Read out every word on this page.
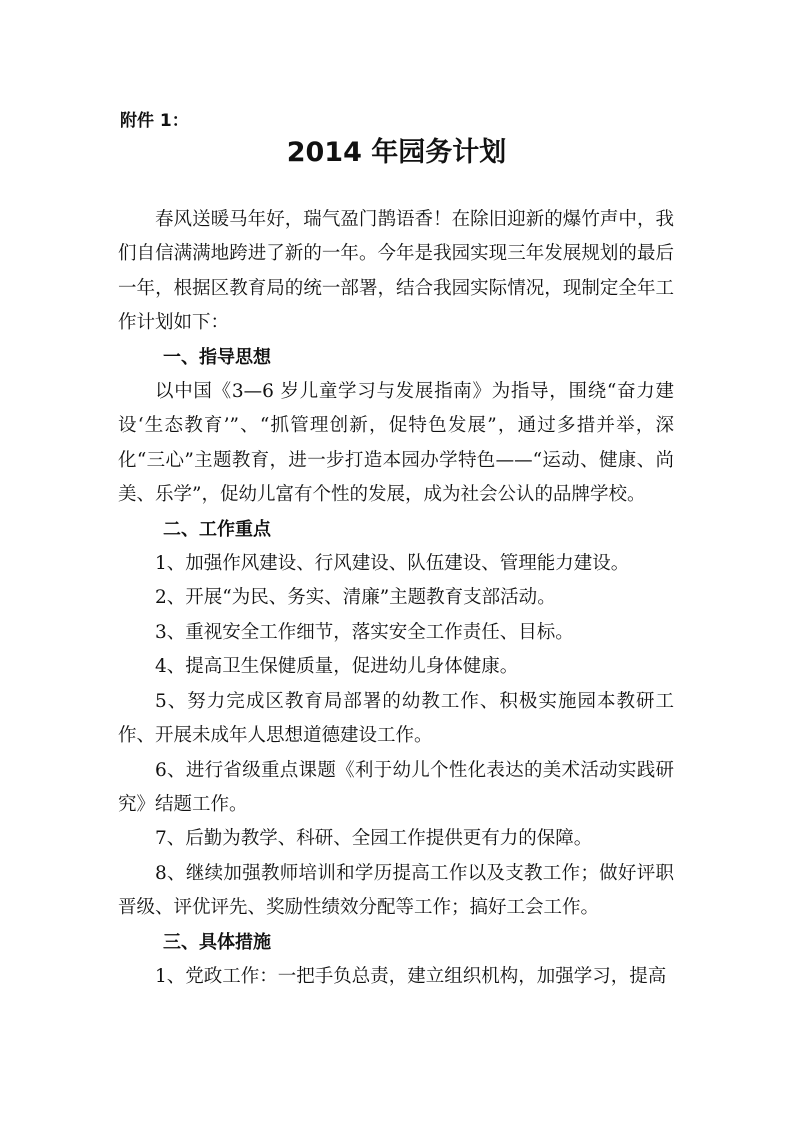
附件 1：
2014 年园务计划

春风送暖马年好，瑞气盈门鹊语香！在除旧迎新的爆竹声中，我们自信满满地跨进了新的一年。今年是我园实现三年发展规划的最后一年，根据区教育局的统一部署，结合我园实际情况，现制定全年工作计划如下：

一、指导思想

以中国《3—6 岁儿童学习与发展指南》为指导，围绕“奋力建设‘生态教育’”、“抓管理创新，促特色发展”，通过多措并举，深化“三心”主题教育，进一步打造本园办学特色——“运动、健康、尚美、乐学”，促幼儿富有个性的发展，成为社会公认的品牌学校。

二、工作重点

1、加强作风建设、行风建设、队伍建设、管理能力建设。

2、开展“为民、务实、清廉”主题教育支部活动。

3、重视安全工作细节，落实安全工作责任、目标。

4、提高卫生保健质量，促进幼儿身体健康。

5、努力完成区教育局部署的幼教工作、积极实施园本教研工作、开展未成年人思想道德建设工作。

6、进行省级重点课题《利于幼儿个性化表达的美术活动实践研究》结题工作。

7、后勤为教学、科研、全园工作提供更有力的保障。

8、继续加强教师培训和学历提高工作以及支教工作；做好评职晋级、评优评先、奖励性绩效分配等工作；搞好工会工作。

三、具体措施

1、党政工作：一把手负总责，建立组织机构，加强学习，提高
